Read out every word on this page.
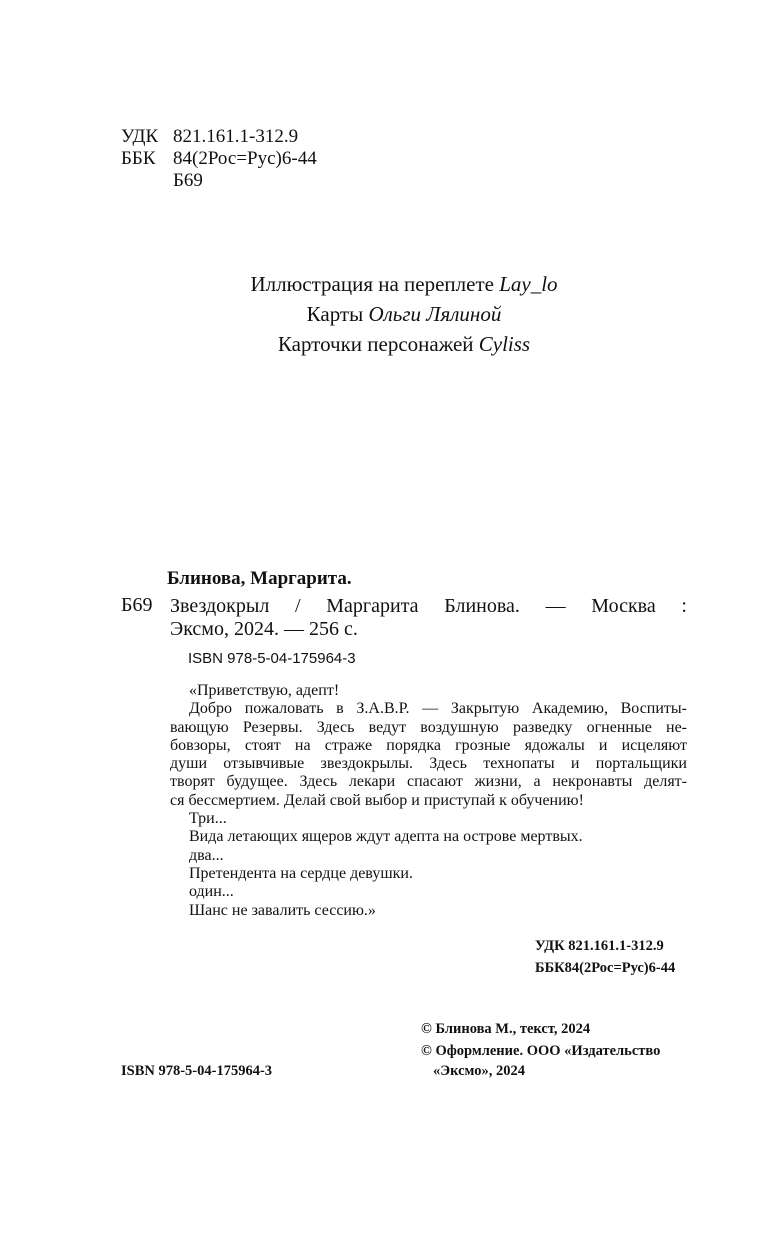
УДК 821.161.1-312.9
ББК 84(2Рос=Рус)6-44
Б69
Иллюстрация на переплете Lay_lo
Карты Ольги Лялиной
Карточки персонажей Cyliss
Блинова, Маргарита.
Б69 Звездокрыл / Маргарита Блинова. — Москва :
Эксмо, 2024. — 256 с.
ISBN 978-5-04-175964-3

«Приветствую, адепт!

Добро пожаловать в З.А.В.Р. — Закрытую Академию, Воспиты-

вающую Резервы. Здесь ведут воздушную разведку огненные не-

бовзоры, стоят на страже порядка грозные ядожалы и исцеляют

души отзывчивые звездокрылы. Здесь технопаты и портальщики

творят будущее. Здесь лекари спасают жизни, а некронавты делят-

ся бессмертием. Делай свой выбор и приступай к обучению!

Три...

Вида летающих ящеров ждут адепта на острове мертвых.

два...

Претендента на сердце девушки.

один...

Шанс не завалить сессию.»

УДК 821.161.1-312.9
ББК84(2Рос=Рус)6-44
© Блинова М., текст, 2024
© Оформление. ООО «Издательство
«Эксмо», 2024
ISBN 978-5-04-175964-3
